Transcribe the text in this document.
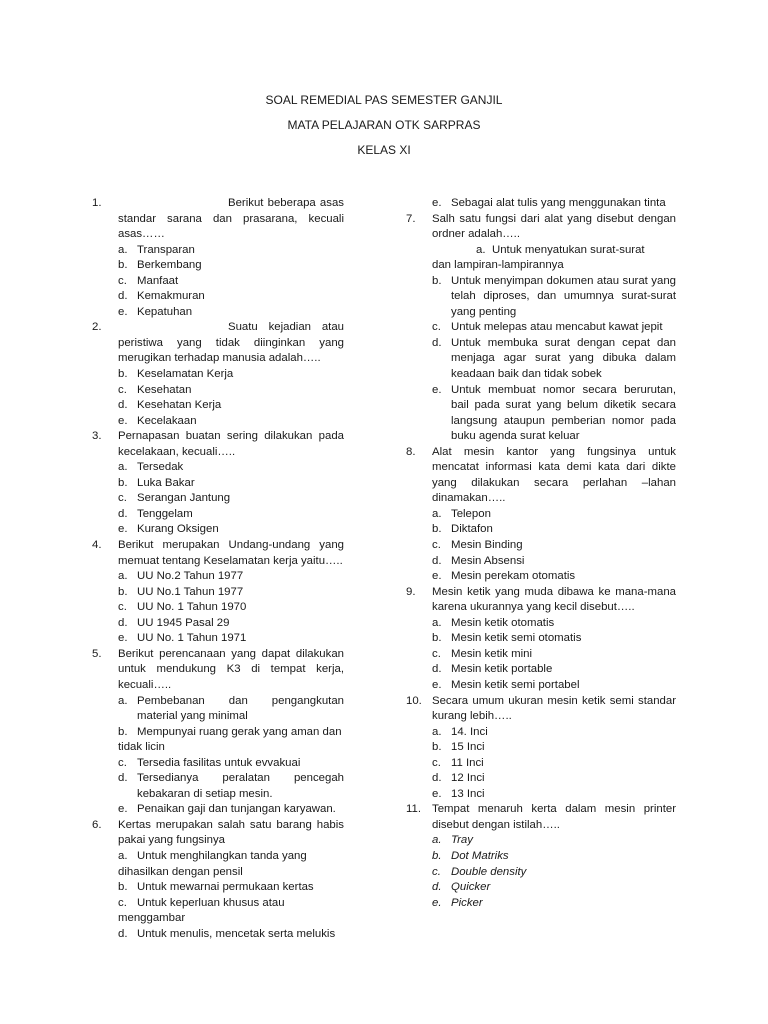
SOAL REMEDIAL PAS SEMESTER GANJIL
MATA PELAJARAN OTK SARPRAS
KELAS XI
1.	Berikut beberapa asas standar sarana dan prasarana, kecuali asas……
a. Transparan
b. Berkembang
c. Manfaat
d. Kemakmuran
e. Kepatuhan
2.	Suatu kejadian atau peristiwa yang tidak diinginkan yang merugikan terhadap manusia adalah…..
b. Keselamatan Kerja
c. Kesehatan
d. Kesehatan Kerja
e. Kecelakaan
3.	Pernapasan buatan sering dilakukan pada kecelakaan, kecuali…..
a. Tersedak
b. Luka Bakar
c. Serangan Jantung
d. Tenggelam
e. Kurang Oksigen
4.	Berikut merupakan Undang-undang yang memuat tentang Keselamatan kerja yaitu…..
a. UU No.2 Tahun 1977
b. UU No.1 Tahun 1977
c. UU No. 1 Tahun 1970
d. UU 1945 Pasal 29
e. UU No. 1 Tahun 1971
5.	Berikut perencanaan yang dapat dilakukan untuk mendukung K3 di tempat kerja, kecuali…..
a. Pembebanan dan pengangkutan material yang minimal
b. Mempunyai ruang gerak yang aman dan
tidak licin
c. Tersedia fasilitas untuk evvakuai
d. Tersedianya peralatan pencegah kebakaran di setiap mesin.
e. Penaikan gaji dan tunjangan karyawan.
6.	Kertas merupakan salah satu barang habis pakai yang fungsinya
a. Untuk menghilangkan tanda yang
dihasilkan dengan pensil
b. Untuk mewarnai permukaan kertas
c. Untuk keperluan khusus atau
menggambar
d. Untuk menulis, mencetak serta melukis
e. Sebagai alat tulis yang menggunakan tinta
7.	Salh satu fungsi dari alat yang disebut dengan ordner adalah…..
a. Untuk menyatukan surat-surat
dan lampiran-lampirannya
b. Untuk menyimpan dokumen atau surat yang telah diproses, dan umumnya surat-surat yang penting
c. Untuk melepas atau mencabut kawat jepit
d. Untuk membuka surat dengan cepat dan menjaga agar surat yang dibuka dalam keadaan baik dan tidak sobek
e. Untuk membuat nomor secara berurutan, bail pada surat yang belum diketik secara langsung ataupun pemberian nomor pada buku agenda surat keluar
8.	Alat mesin kantor yang fungsinya untuk mencatat informasi kata demi kata dari dikte yang dilakukan secara perlahan –lahan dinamakan…..
a. Telepon
b. Diktafon
c. Mesin Binding
d. Mesin Absensi
e. Mesin perekam otomatis
9.	Mesin ketik yang muda dibawa ke mana-mana karena ukurannya yang kecil disebut…..
a. Mesin ketik otomatis
b. Mesin ketik semi otomatis
c. Mesin ketik mini
d. Mesin ketik portable
e. Mesin ketik semi portabel
10. Secara umum ukuran mesin ketik semi standar kurang lebih…..
a. 14. Inci
b. 15 Inci
c. 11 Inci
d. 12 Inci
e. 13 Inci
11. Tempat menaruh kerta dalam mesin printer disebut dengan istilah…..
a. Tray
b. Dot Matriks
c. Double density
d. Quicker
e. Picker
